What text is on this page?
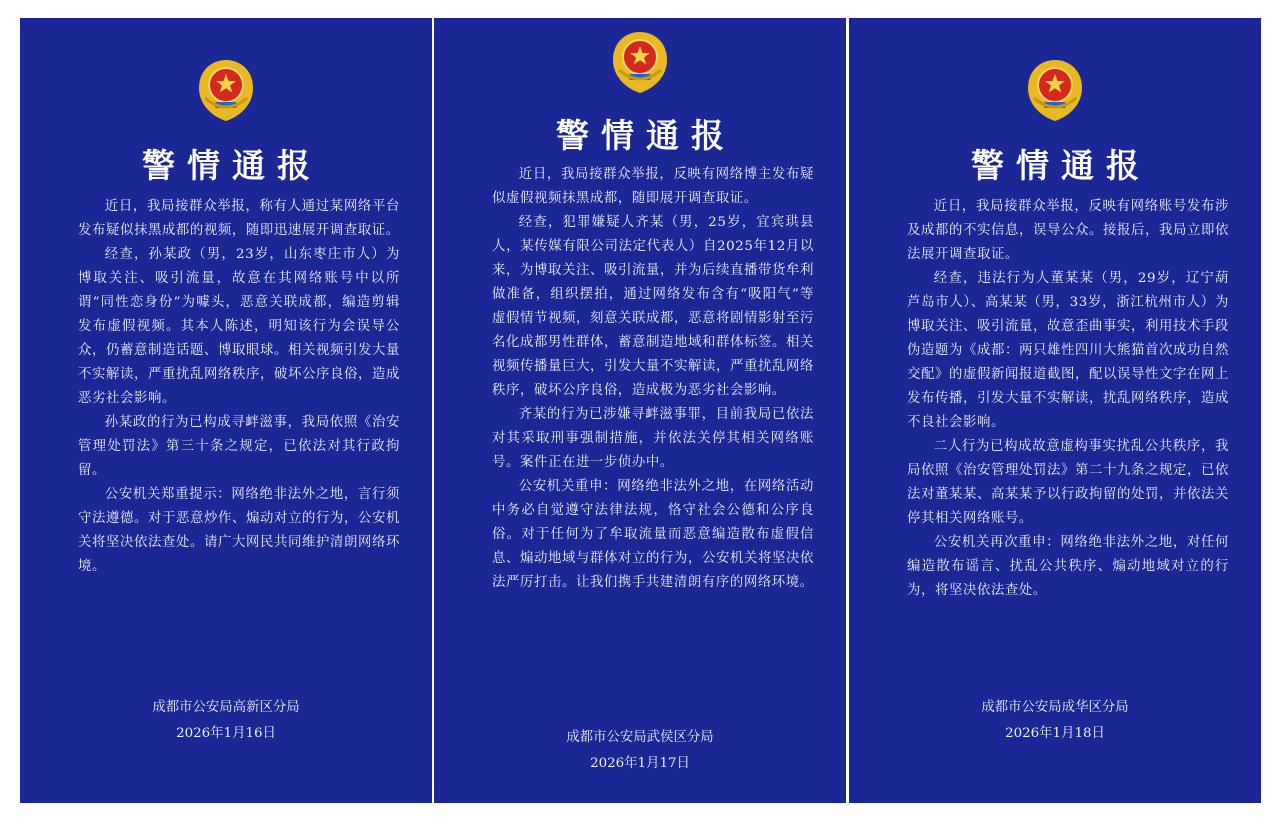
警情通报

近日，我局接群众举报，称有人通过某网络平台发布疑似抹黑成都的视频，随即迅速展开调查取证。

经查，孙某政（男，23岁，山东枣庄市人）为博取关注、吸引流量，故意在其网络账号中以所谓“同性恋身份”为噱头，恶意关联成都，编造剪辑发布虚假视频。其本人陈述，明知该行为会误导公众，仍蓄意制造话题、博取眼球。相关视频引发大量不实解读，严重扰乱网络秩序，破坏公序良俗，造成恶劣社会影响。

孙某政的行为已构成寻衅滋事，我局依照《治安管理处罚法》第三十条之规定，已依法对其行政拘留。

公安机关郑重提示：网络绝非法外之地，言行须守法遵德。对于恶意炒作、煽动对立的行为，公安机关将坚决依法查处。请广大网民共同维护清朗网络环境。

成都市公安局高新区分局
2026年1月16日
警情通报

近日，我局接群众举报，反映有网络博主发布疑似虚假视频抹黑成都，随即展开调查取证。

经查，犯罪嫌疑人齐某（男，25岁，宜宾珙县人，某传媒有限公司法定代表人）自2025年12月以来，为博取关注、吸引流量，并为后续直播带货牟利做准备，组织摆拍，通过网络发布含有“吸阳气”等虚假情节视频，刻意关联成都，恶意将剧情影射至污名化成都男性群体，蓄意制造地域和群体标签。相关视频传播量巨大，引发大量不实解读，严重扰乱网络秩序，破坏公序良俗，造成极为恶劣社会影响。

齐某的行为已涉嫌寻衅滋事罪，目前我局已依法对其采取刑事强制措施，并依法关停其相关网络账号。案件正在进一步侦办中。

公安机关重申：网络绝非法外之地，在网络活动中务必自觉遵守法律法规，恪守社会公德和公序良俗。对于任何为了牟取流量而恶意编造散布虚假信息、煽动地域与群体对立的行为，公安机关将坚决依法严厉打击。让我们携手共建清朗有序的网络环境。

成都市公安局武侯区分局
2026年1月17日
警情通报

近日，我局接群众举报，反映有网络账号发布涉及成都的不实信息，误导公众。接报后，我局立即依法展开调查取证。

经查，违法行为人董某某（男，29岁，辽宁葫芦岛市人）、高某某（男，33岁，浙江杭州市人）为博取关注、吸引流量，故意歪曲事实，利用技术手段伪造题为《成都：两只雄性四川大熊猫首次成功自然交配》的虚假新闻报道截图，配以误导性文字在网上发布传播，引发大量不实解读，扰乱网络秩序，造成不良社会影响。

二人行为已构成故意虚构事实扰乱公共秩序，我局依照《治安管理处罚法》第二十九条之规定，已依法对董某某、高某某予以行政拘留的处罚，并依法关停其相关网络账号。

公安机关再次重申：网络绝非法外之地，对任何编造散布谣言、扰乱公共秩序、煽动地域对立的行为，将坚决依法查处。

成都市公安局成华区分局
2026年1月18日
